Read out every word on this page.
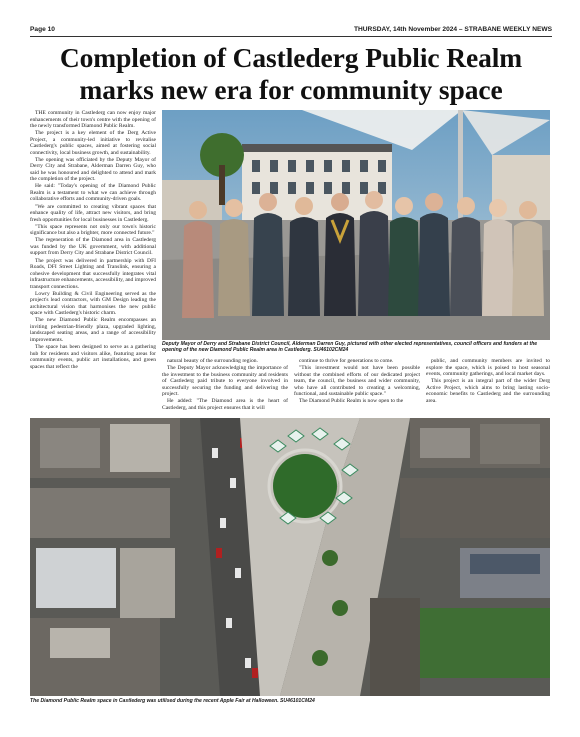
Page 10	THURSDAY, 14th November 2024 – STRABANE WEEKLY NEWS
Completion of Castlederg Public Realm
marks new era for community space

THE community in Castlederg can now enjoy major enhancements of their town's centre with the opening of the newly transformed Diamond Public Realm.

The project is a key element of the Derg Active Project, a community-led initiative to revitalise Castlederg's public spaces, aimed at fostering social connectivity, local business growth, and sustainability.

The opening was officiated by the Deputy Mayor of Derry City and Strabane, Alderman Darren Guy, who said he was honoured and delighted to attend and mark the completion of the project.

He said: "Today's opening of the Diamond Public Realm is a testament to what we can achieve through collaborative efforts and community-driven goals.

"We are committed to creating vibrant spaces that enhance quality of life, attract new visitors, and bring fresh opportunities for local businesses in Castlederg.

"This space represents not only our town's historic significance but also a brighter, more connected future."

The regeneration of the Diamond area in Castlederg was funded by the UK government, with additional support from Derry City and Strabane District Council.

The project was delivered in partnership with DFI Roads, DFI Street Lighting and Translink, ensuring a cohesive development that successfully integrates vital infrastructure enhancements, accessibility, and improved transport connections.

Lowry Building & Civil Engineering served as the project's lead contractors, with GM Design leading the architectural vision that harmonises the new public space with Castlederg's historic charm.

The new Diamond Public Realm encompasses an inviting pedestrian-friendly plaza, upgraded lighting, landscaped seating areas, and a range of accessibility improvements.

The space has been designed to serve as a gathering hub for residents and visitors alike, featuring areas for community events, public art installations, and green spaces that reflect the

Deputy Mayor of Derry and Strabane District Council, Alderman Darren Guy, pictured with other elected representatives, council officers and funders at the opening of the new Diamond Public Realm area in Castlederg. SU46102CM24

natural beauty of the surrounding region.

The Deputy Mayor acknowledging the importance of the investment to the business community and residents of Castlederg paid tribute to everyone involved in successfully securing the funding and delivering the project.

He added: "The Diamond area is the heart of Castlederg, and this project ensures that it will

continue to thrive for generations to come.

"This investment would not have been possible without the combined efforts of our dedicated project team, the council, the business and wider community, who have all contributed to creating a welcoming, functional, and sustainable public space."

The Diamond Public Realm is now open to the

public, and community members are invited to explore the space, which is poised to host seasonal events, community gatherings, and local market days.

This project is an integral part of the wider Derg Active Project, which aims to bring lasting socio-economic benefits to Castlederg and the surrounding area.

The Diamond Public Realm space in Castlederg was utilised during the recent Apple Fair at Halloween. SU46101CM24
